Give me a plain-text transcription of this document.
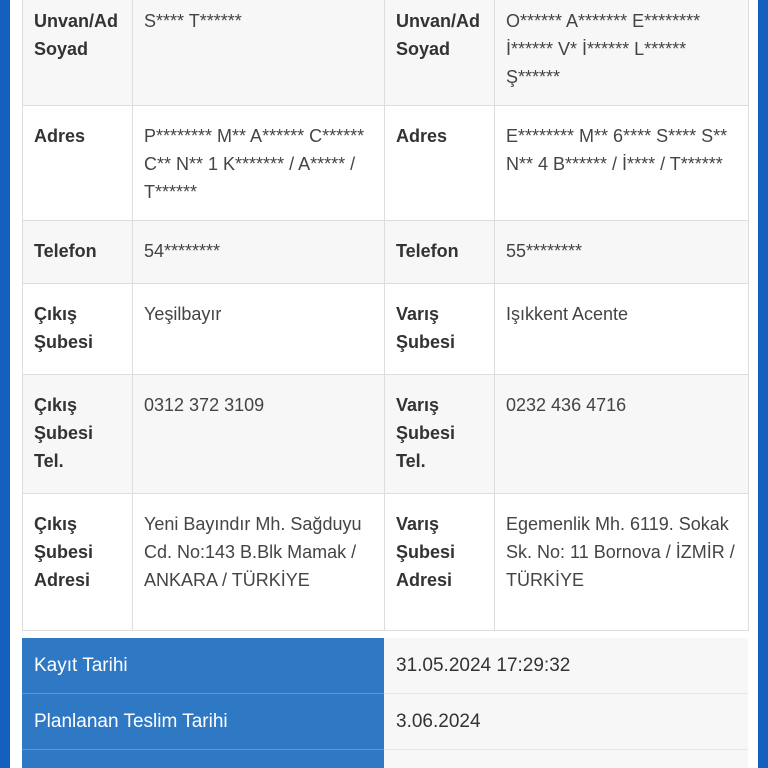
Unvan/Ad Soyad	S**** T******	Unvan/Ad Soyad	O****** A******* E******** İ****** V* İ****** L****** Ş******
Adres	P******** M** A****** C****** C** N** 1 K******* / A***** / T******	Adres	E******** M** 6**** S**** S** N** 4 B****** / İ**** / T******
Telefon	54********	Telefon	55********
Çıkış Şubesi	Yeşilbayır	Varış Şubesi	Işıkkent Acente
Çıkış Şubesi Tel.	0312 372 3109	Varış Şubesi Tel.	0232 436 4716
Çıkış Şubesi Adresi	Yeni Bayındır Mh. Sağduyu Cd. No:143 B.Blk Mamak / ANKARA / TÜRKİYE	Varış Şubesi Adresi	Egemenlik Mh. 6119. Sokak Sk. No: 11 Bornova / İZMİR / TÜRKİYE
Kayıt Tarihi	31.05.2024 17:29:32
Planlanan Teslim Tarihi	3.06.2024
